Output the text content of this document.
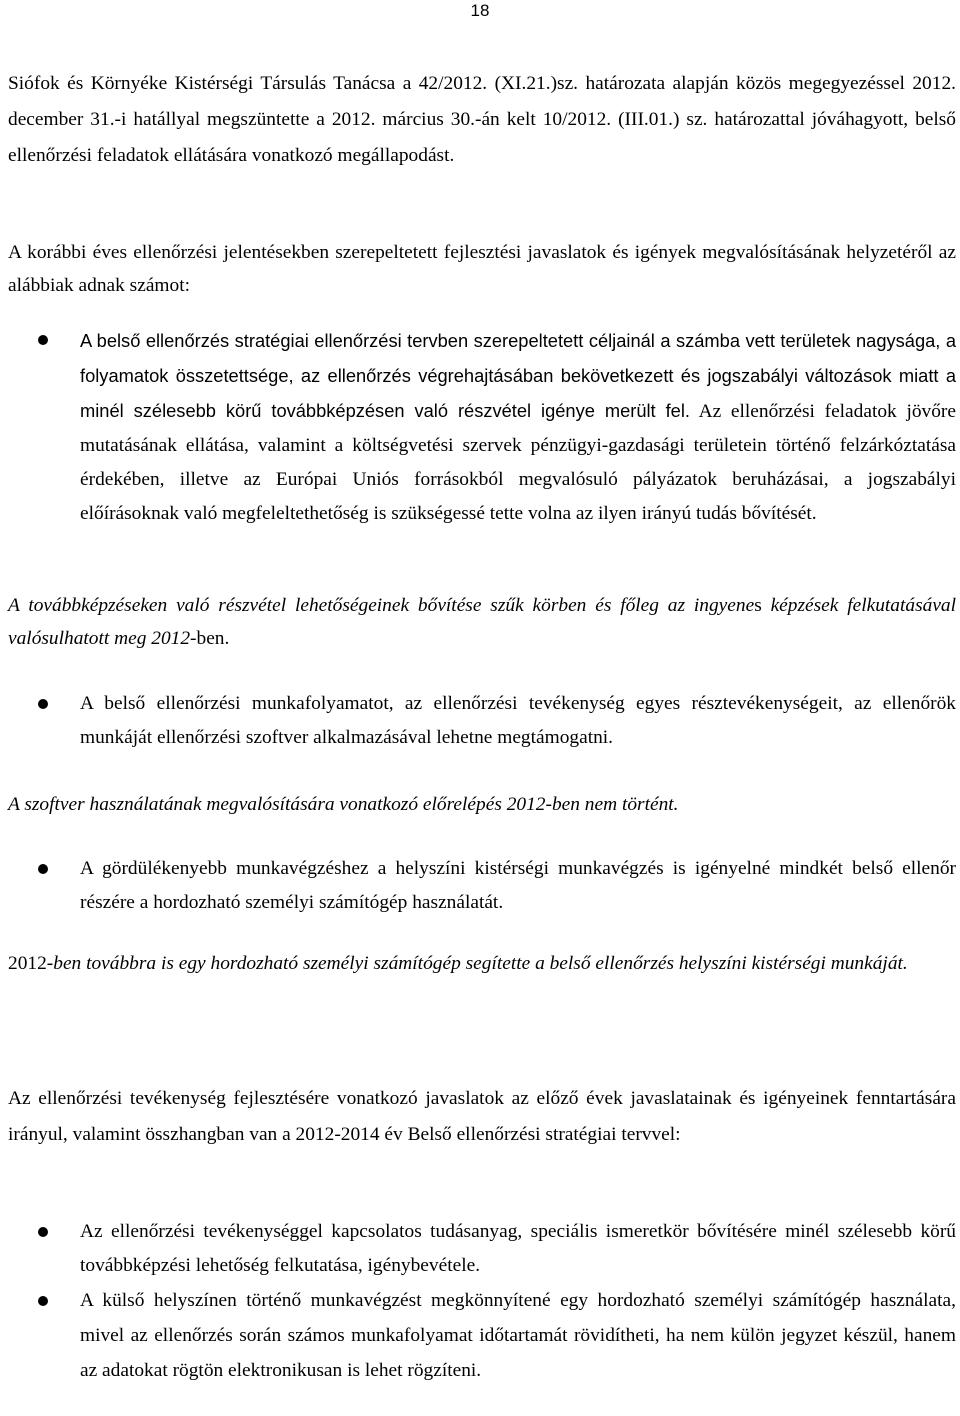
18
Siófok és Környéke Kistérségi Társulás Tanácsa a 42/2012. (XI.21.)sz. határozata alapján közös megegyezéssel 2012. december 31.-i hatállyal megszüntette a 2012. március 30.-án kelt 10/2012. (III.01.) sz. határozattal jóváhagyott, belső ellenőrzési feladatok ellátására vonatkozó megállapodást.
A korábbi éves ellenőrzési jelentésekben szerepeltetett fejlesztési javaslatok és igények megvalósításának helyzetéről az alábbiak adnak számot:
A belső ellenőrzés stratégiai ellenőrzési tervben szerepeltetett céljainál a számba vett területek nagysága, a folyamatok összetettsége, az ellenőrzés végrehajtásában bekövetkezett és jogszabályi változások miatt a minél szélesebb körű továbbképzésen való részvétel igénye merült fel. Az ellenőrzési feladatok jövőre mutatásának ellátása, valamint a költségvetési szervek pénzügyi-gazdasági területein történő felzárkóztatása érdekében, illetve az Európai Uniós forrásokból megvalósuló pályázatok beruházásai, a jogszabályi előírásoknak való megfeleltethetőség is szükségessé tette volna az ilyen irányú tudás bővítését.
A továbbképzéseken való részvétel lehetőségeinek bővítése szűk körben és főleg az ingyenes képzések felkutatásával valósulhatott meg 2012-ben.
A belső ellenőrzési munkafolyamatot, az ellenőrzési tevékenység egyes résztevékenységeit, az ellenőrök munkáját ellenőrzési szoftver alkalmazásával lehetne megtámogatni.
A szoftver használatának megvalósítására vonatkozó előrelépés 2012-ben nem történt.
A gördülékenyebb munkavégzéshez a helyszíni kistérségi munkavégzés is igényelné mindkét belső ellenőr részére a hordozható személyi számítógép használatát.
2012-ben továbbra is egy hordozható személyi számítógép segítette a belső ellenőrzés helyszíni kistérségi munkáját.
Az ellenőrzési tevékenység fejlesztésére vonatkozó javaslatok az előző évek javaslatainak és igényeinek fenntartására irányul, valamint összhangban van a 2012-2014 év Belső ellenőrzési stratégiai tervvel:
Az ellenőrzési tevékenységgel kapcsolatos tudásanyag, speciális ismeretkör bővítésére minél szélesebb körű továbbképzési lehetőség felkutatása, igénybevétele.
A külső helyszínen történő munkavégzést megkönnyítené egy hordozható személyi számítógép használata, mivel az ellenőrzés során számos munkafolyamat időtartamát rövidítheti, ha nem külön jegyzet készül, hanem az adatokat rögtön elektronikusan is lehet rögzíteni.
